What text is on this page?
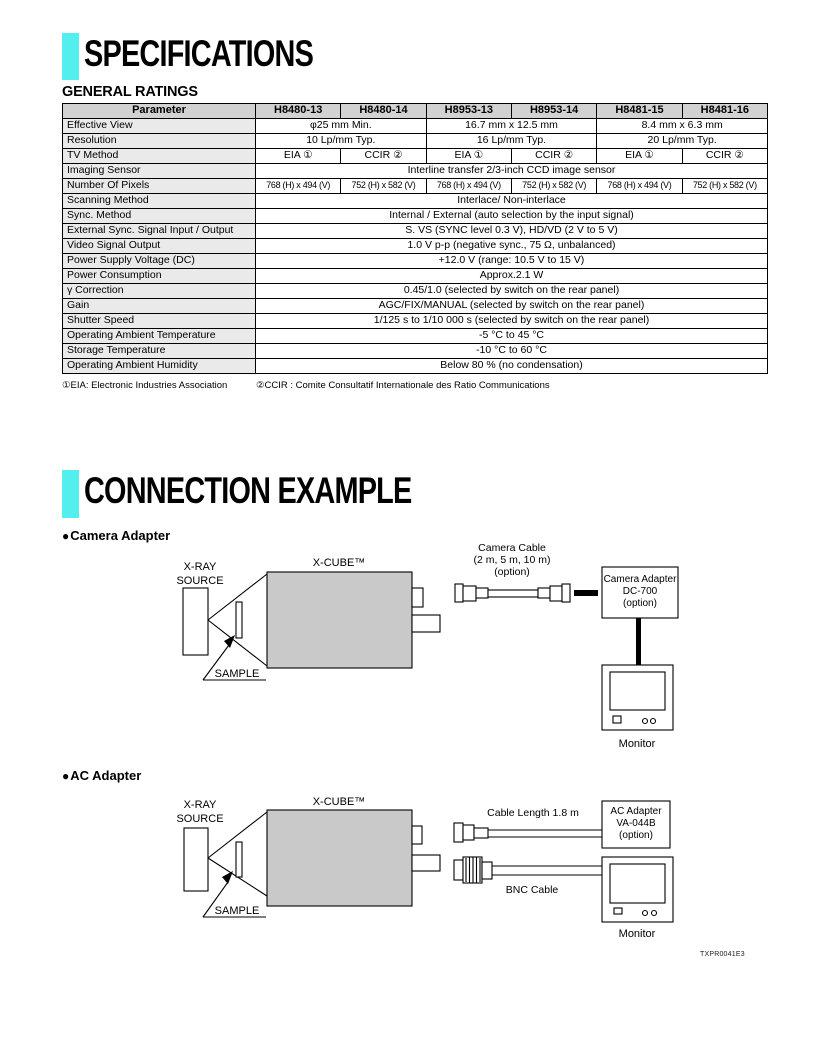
SPECIFICATIONS
GENERAL RATINGS
Parameter	H8480-13	H8480-14	H8953-13	H8953-14	H8481-15	H8481-16
Effective View	φ25 mm Min.		16.7 mm x 12.5 mm		8.4 mm x 6.3 mm	
Resolution	10 Lp/mm Typ.		16 Lp/mm Typ.		20 Lp/mm Typ.	
TV Method	EIA ①	CCIR ②	EIA ①	CCIR ②	EIA ①	CCIR ②
Imaging Sensor	Interline transfer 2/3-inch CCD image sensor					
Number Of Pixels	768 (H) x 494 (V)	752 (H) x 582 (V)	768 (H) x 494 (V)	752 (H) x 582 (V)	768 (H) x 494 (V)	752 (H) x 582 (V)
Scanning Method	Interlace/ Non-interlace					
Sync. Method	Internal / External (auto selection by the input signal)					
External Sync. Signal Input / Output	S. VS (SYNC level 0.3 V), HD/VD (2 V to 5 V)					
Video Signal Output	1.0 V p-p (negative sync., 75 Ω, unbalanced)					
Power Supply Voltage (DC)	+12.0 V (range: 10.5 V to 15 V)					
Power Consumption	Approx.2.1 W					
γ Correction	0.45/1.0 (selected by switch on the rear panel)					
Gain	AGC/FIX/MANUAL (selected by switch on the rear panel)					
Shutter Speed	1/125 s to 1/10 000 s (selected by switch on the rear panel)					
Operating Ambient Temperature	-5 °C to 45 °C					
Storage Temperature	-10 °C to 60 °C					
Operating Ambient Humidity	Below 80 % (no condensation)					
①EIA: Electronic Industries Association	②CCIR : Comite Consultatif Internationale des Ratio Communications
CONNECTION EXAMPLE
●Camera Adapter
X-RAY
SOURCE
SAMPLE
X-CUBE™
Camera Cable
(2 m, 5 m, 10 m)
(option)
Camera Adapter
DC-700
(option)
Monitor
●AC Adapter
X-RAY
SOURCE
SAMPLE
X-CUBE™
Cable Length 1.8 m	AC Adapter
VA-044B
(option)
BNC Cable
Monitor
TXPR0041E3
